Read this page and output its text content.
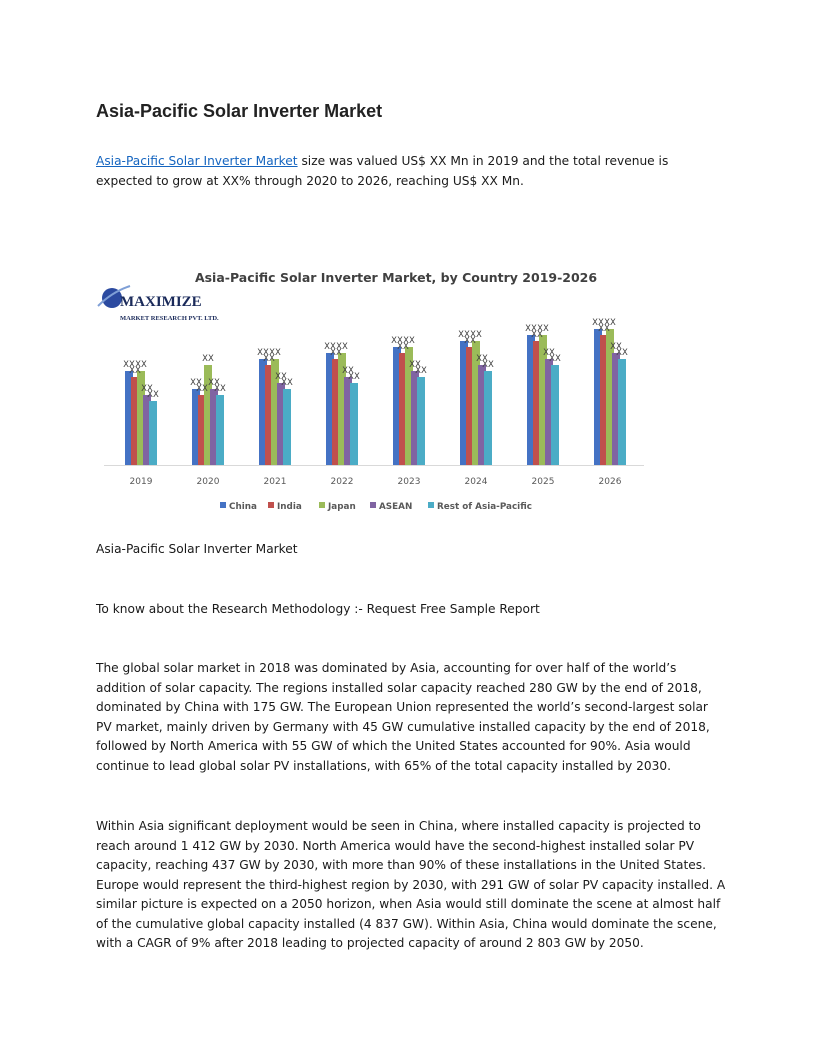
Asia-Pacific Solar Inverter Market

Asia-Pacific Solar Inverter Market size was valued US$ XX Mn in 2019 and the total revenue is expected to grow at XX% through 2020 to 2026, reaching US$ XX Mn.

Asia-Pacific Solar Inverter Market, by Country 2019-2026
MAXIMIZE
MARKET RESEARCH PVT. LTD.
XX
XX
XX
XX
XX
XX
XX
XX
XX
XX
XX
XX
XX
XX
XX
XX
XX
XX
XX
XX
XX
XX
XX
XX
XX
XX
XX
XX
XX
XX
XX
XX
XX
XX
XX
XX
XX
XX
XX
XX
2019	2020	2021	2022	2023	2024	2025	2026
China India	Japan	ASEAN	Rest of Asia-Pacific

Asia-Pacific Solar Inverter Market

To know about the Research Methodology :- Request Free Sample Report

The global solar market in 2018 was dominated by Asia, accounting for over half of the world’s addition of solar capacity. The regions installed solar capacity reached 280 GW by the end of 2018, dominated by China with 175 GW. The European Union represented the world’s second-largest solar PV market, mainly driven by Germany with 45 GW cumulative installed capacity by the end of 2018, followed by North America with 55 GW of which the United States accounted for 90%. Asia would continue to lead global solar PV installations, with 65% of the total capacity installed by 2030.

Within Asia significant deployment would be seen in China, where installed capacity is projected to reach around 1 412 GW by 2030. North America would have the second-highest installed solar PV capacity, reaching 437 GW by 2030, with more than 90% of these installations in the United States. Europe would represent the third-highest region by 2030, with 291 GW of solar PV capacity installed. A similar picture is expected on a 2050 horizon, when Asia would still dominate the scene at almost half of the cumulative global capacity installed (4 837 GW). Within Asia, China would dominate the scene, with a CAGR of 9% after 2018 leading to projected capacity of around 2 803 GW by 2050.
